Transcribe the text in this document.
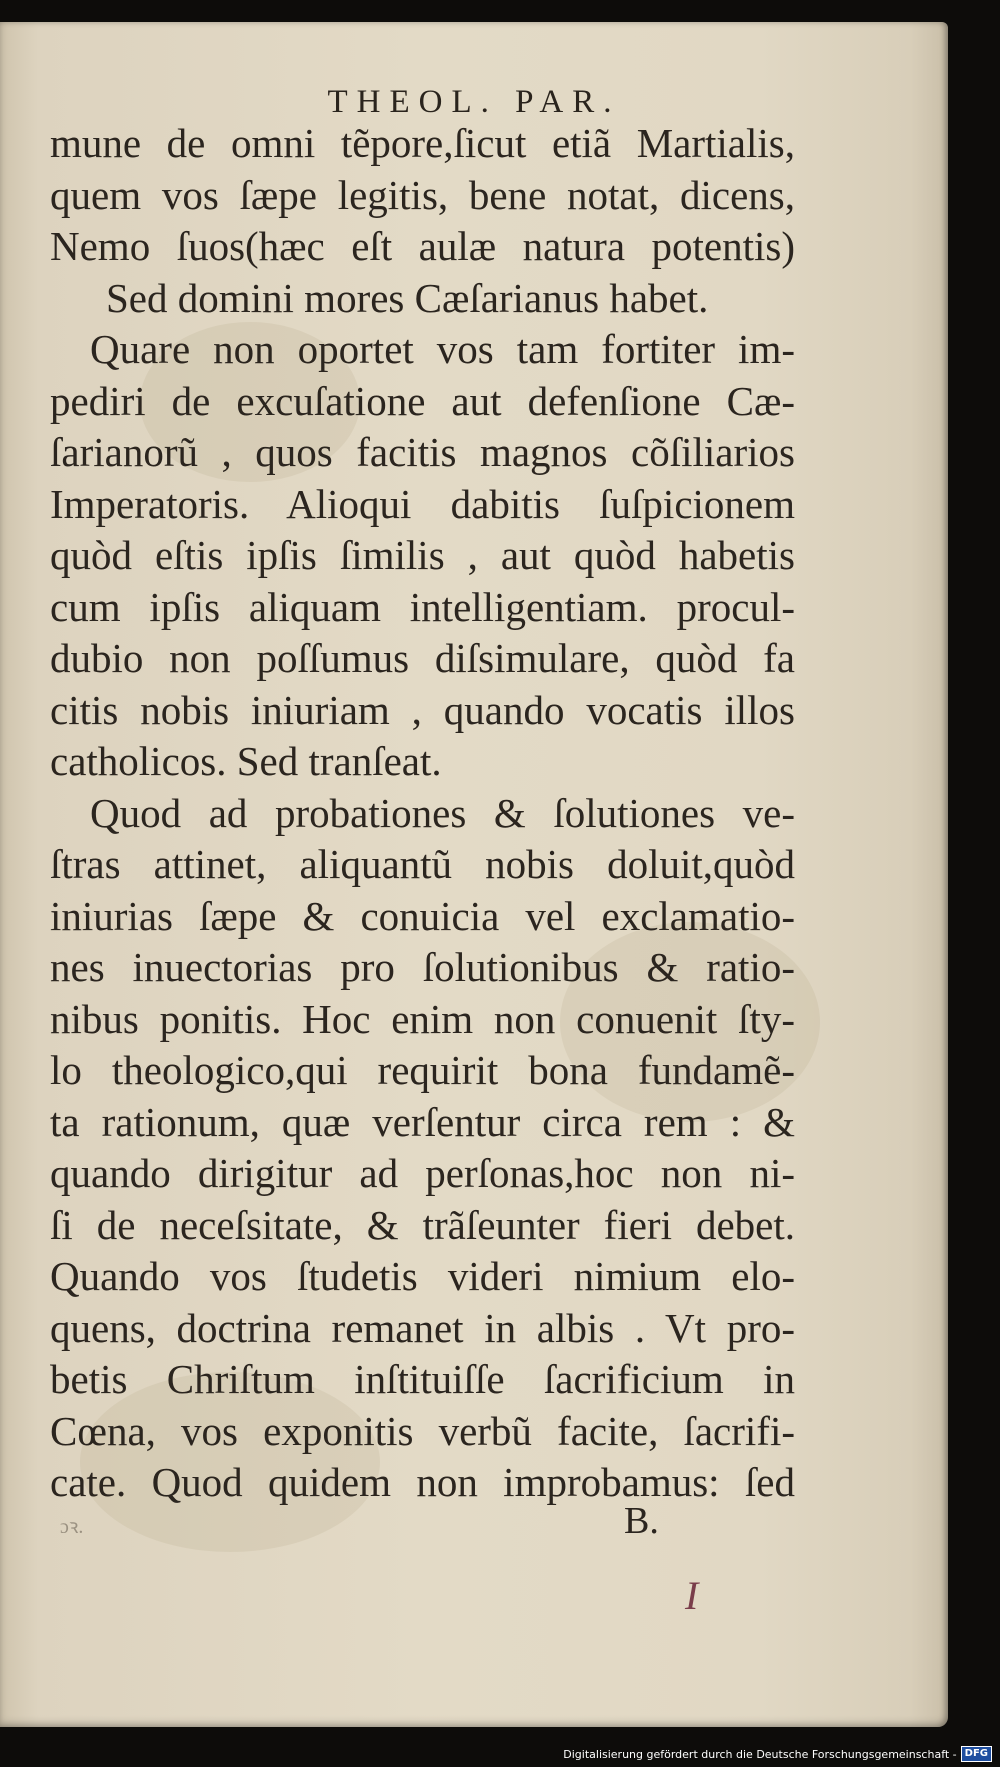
THEOL. PAR.
mune de omni tẽpore,ſicut etiã Martialis,
quem vos ſæpe legitis, bene notat, dicens,
Nemo ſuos(hæc eſt aulæ natura potentis)
Sed domini mores Cæſarianus habet.
Quare non oportet vos tam fortiter im-
pediri de excuſatione aut defenſione Cæ-
ſarianorũ , quos facitis magnos cõſiliarios
Imperatoris. Alioqui dabitis ſuſpicionem
quòd eſtis ipſis ſimilis , aut quòd habetis
cum ipſis aliquam intelligentiam. procul-
dubio non poſſumus diſsimulare, quòd fa
citis nobis iniuriam , quando vocatis illos
catholicos. Sed tranſeat.
Quod ad probationes & ſolutiones ve-
ſtras attinet, aliquantũ nobis doluit,quòd
iniurias ſæpe & conuicia vel exclamatio-
nes inuectorias pro ſolutionibus & ratio-
nibus ponitis. Hoc enim non conuenit ſty-
lo theologico,qui requirit bona fundamẽ-
ta rationum, quæ verſentur circa rem : &
quando dirigitur ad perſonas,hoc non ni-
ſi de neceſsitate, & trãſeunter fieri debet.
Quando vos ſtudetis videri nimium elo-
quens, doctrina remanet in albis . Vt pro-
betis Chriſtum inſtituiſſe ſacrificium in
Cœna, vos exponitis verbũ facite, ſacrifi-
cate. Quod quidem non improbamus: ſed
ɔꝛ.	B.
I
Digitalisierung gefördert durch die Deutsche Forschungsgemeinschaft - DFG
